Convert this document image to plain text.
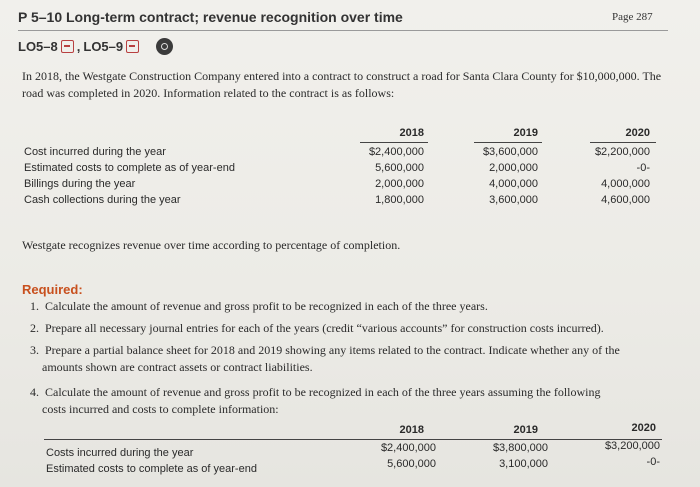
P 5–10 Long-term contract; revenue recognition over time	Page 287
LO5–8 , LO5–9
In 2018, the Westgate Construction Company entered into a contract to construct a road for Santa Clara County for $10,000,000. The road was completed in 2020. Information related to the contract is as follows:
2018	2019	2020
Cost incurred during the year	$2,400,000	$3,600,000	$2,200,000
Estimated costs to complete as of year-end	5,600,000	2,000,000	-0-
Billings during the year	2,000,000	4,000,000	4,000,000
Cash collections during the year	1,800,000	3,600,000	4,600,000
Westgate recognizes revenue over time according to percentage of completion.
Required:
1. Calculate the amount of revenue and gross profit to be recognized in each of the three years.
2. Prepare all necessary journal entries for each of the years (credit “various accounts” for construction costs incurred).
3. Prepare a partial balance sheet for 2018 and 2019 showing any items related to the contract. Indicate whether any of the
amounts shown are contract assets or contract liabilities.
4. Calculate the amount of revenue and gross profit to be recognized in each of the three years assuming the following
costs incurred and costs to complete information:
2018	2019	2020
Costs incurred during the year	$2,400,000	$3,800,000	$3,200,000
Estimated costs to complete as of year-end	5,600,000	3,100,000	-0-
